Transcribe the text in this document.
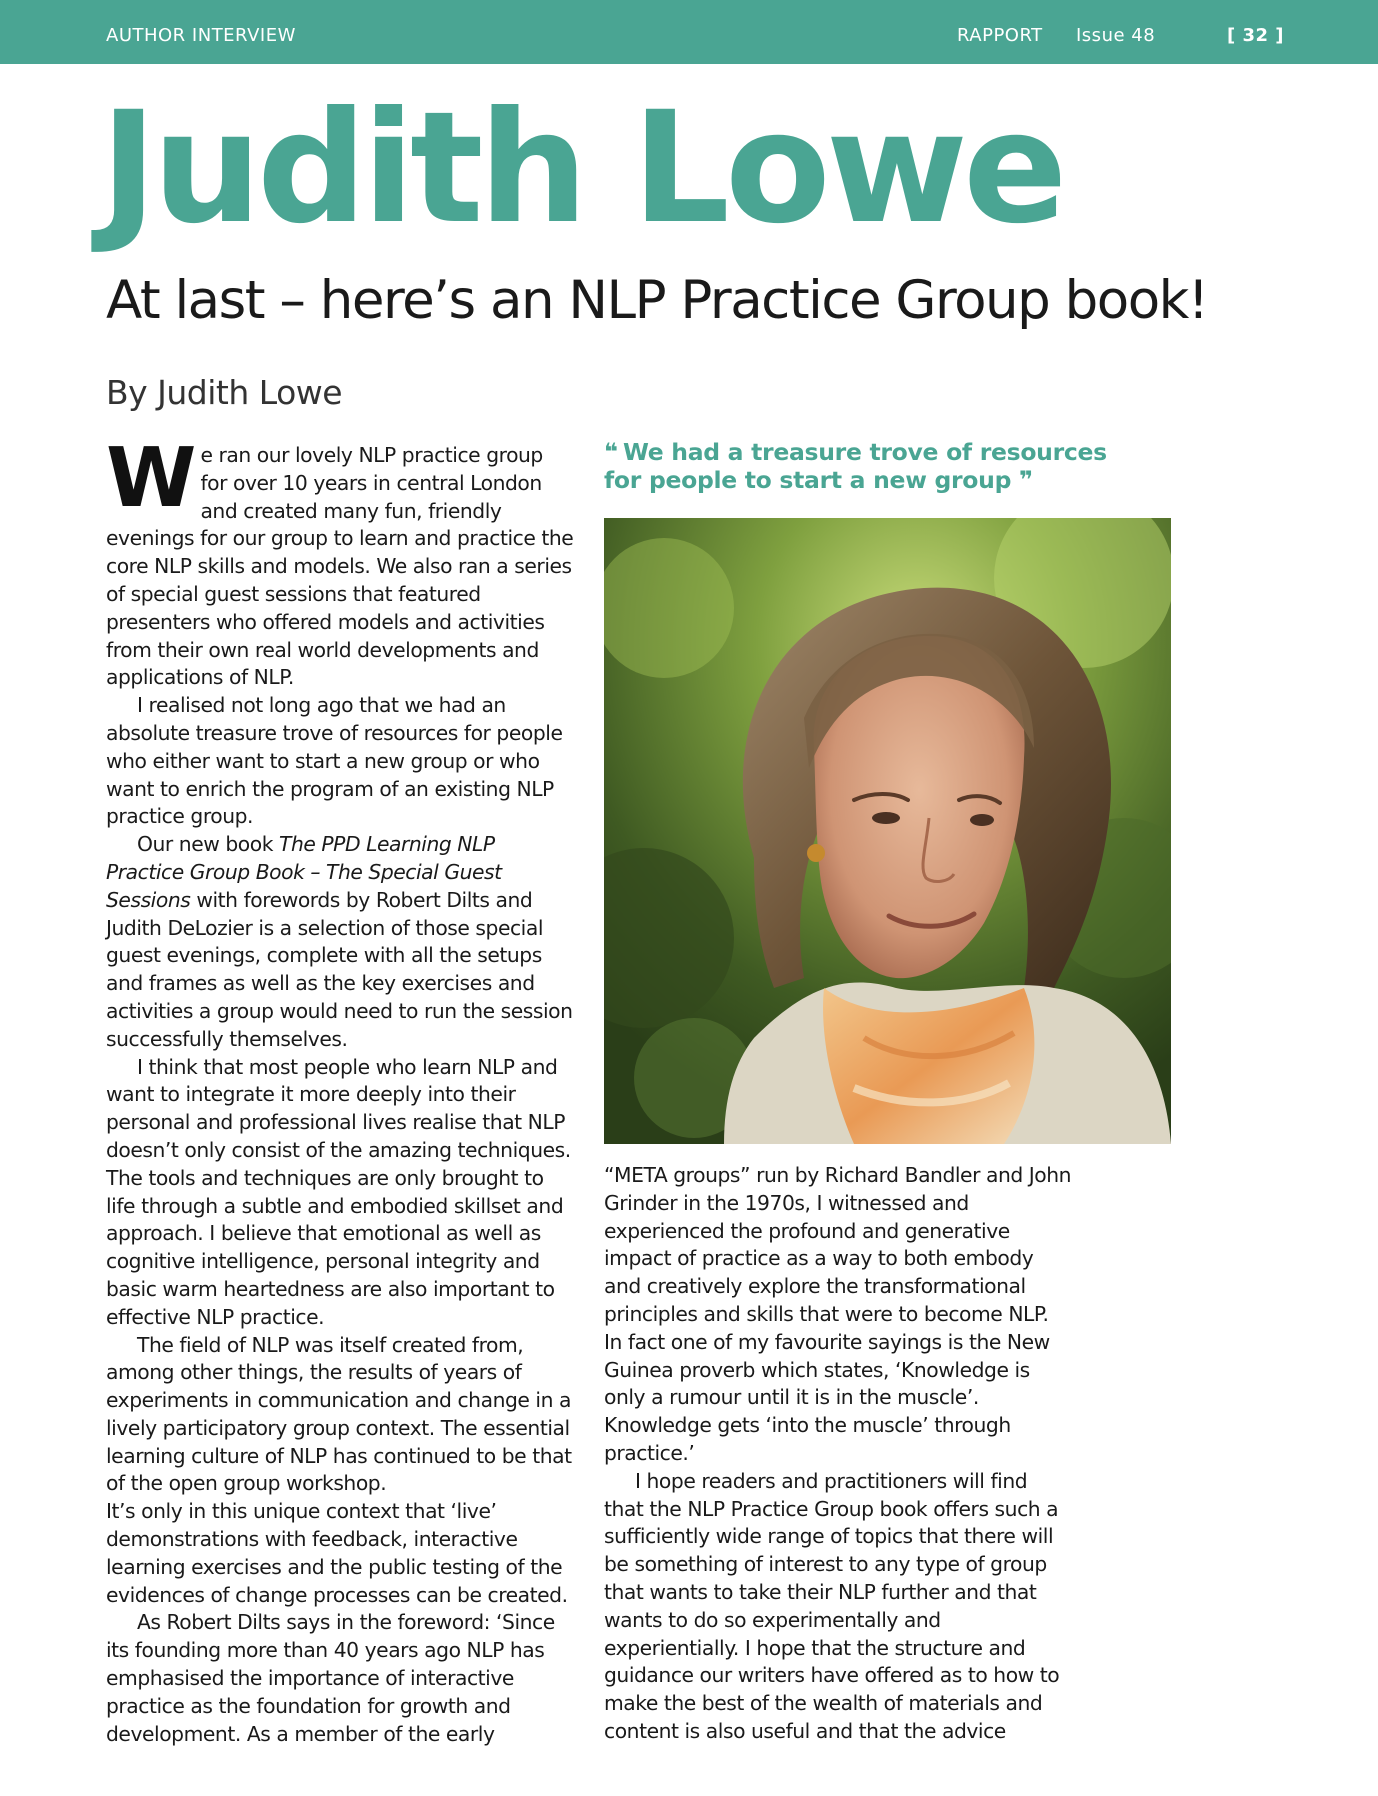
AUTHOR INTERVIEW	RAPPORT Issue 48	[ 32 ]
Judith Lowe
At last – here’s an NLP Practice Group book!
By Judith Lowe

We ran our lovely NLP practice group for over 10 years in central London and created many fun, friendly evenings for our group to learn and practice the core NLP skills and models. We also ran a series of special guest sessions that featured presenters who offered models and activities from their own real world developments and applications of NLP.

I realised not long ago that we had an absolute treasure trove of resources for people who either want to start a new group or who want to enrich the program of an existing NLP practice group.

Our new book The PPD Learning NLP Practice Group Book – The Special Guest Sessions with forewords by Robert Dilts and Judith DeLozier is a selection of those special guest evenings, complete with all the setups and frames as well as the key exercises and activities a group would need to run the session successfully themselves.

I think that most people who learn NLP and want to integrate it more deeply into their personal and professional lives realise that NLP doesn’t only consist of the amazing techniques. The tools and techniques are only brought to life through a subtle and embodied skillset and approach. I believe that emotional as well as cognitive intelligence, personal integrity and basic warm heartedness are also important to effective NLP practice.

The field of NLP was itself created from, among other things, the results of years of experiments in communication and change in a lively participatory group context. The essential learning culture of NLP has continued to be that of the open group workshop.

It’s only in this unique context that ‘live’ demonstrations with feedback, interactive learning exercises and the public testing of the evidences of change processes can be created.

As Robert Dilts says in the foreword: ‘Since its founding more than 40 years ago NLP has emphasised the importance of interactive practice as the foundation for growth and development. As a member of the early

❝ We had a treasure trove of resources for people to start a new group ❞

“META groups” run by Richard Bandler and John Grinder in the 1970s, I witnessed and experienced the profound and generative impact of practice as a way to both embody and creatively explore the transformational principles and skills that were to become NLP. In fact one of my favourite sayings is the New Guinea proverb which states, ‘Knowledge is only a rumour until it is in the muscle’. Knowledge gets ‘into the muscle’ through practice.’

I hope readers and practitioners will find that the NLP Practice Group book offers such a sufficiently wide range of topics that there will be something of interest to any type of group that wants to take their NLP further and that wants to do so experimentally and experientially. I hope that the structure and guidance our writers have offered as to how to make the best of the wealth of materials and content is also useful and that the advice
